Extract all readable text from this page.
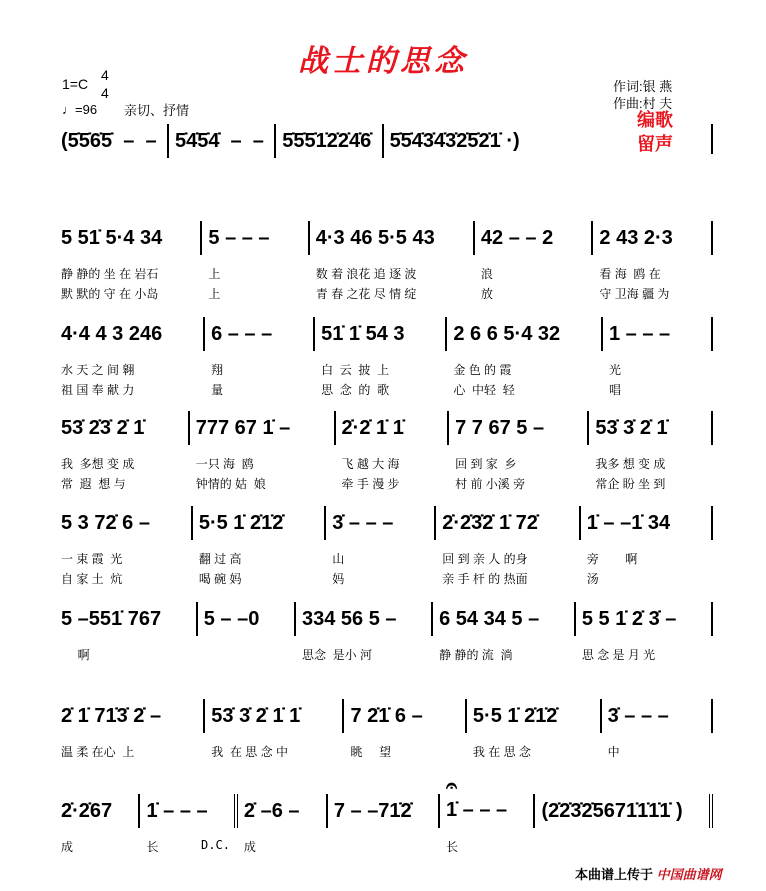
战士的思念
1=C
4
4
♩=96 亲切、抒情
作词:银 燕
作曲:村 夫
编歌
留声
(5̇5̇6̇5̇  –  – 5̇4̇5̇4̇  –  – 5̇5̇5̇1̇2̇2̇4̇6̇ 5̇5̇4̇3̇4̇3̇2̇5̇2̇1̇ ·)
5 51̇ 5·4 34
静 静的 坐 在 岩石
默 默的 守 在 小岛
5 – – –
上
上
4·3 46 5·5 43
数 着 浪花 追 逐 波
青 春 之花 尽 情 绽
42 – – 2
浪
放
2 43 2·3
看 海  鸥 在
守 卫海 疆 为
4·4 4 3 246
水 天 之 间 翱
祖 国 奉 献 力
6 – – –
翔
量
51̇ 1̇ 54 3
白  云  披  上
思  念  的  歌
2 6 6 5·4 32
金 色 的 霞
心  中轻  轻
1 – – –
光
唱
53̇ 2̇3̇ 2̇ 1̇
我  多想 变 成
常  遐  想 与
777 67 1̇ –
一只 海  鸥
钟情的 姑  娘
2̇·2̇ 1̇ 1̇
飞 越 大 海
牵 手 漫 步
7 7 67 5 –
回 到 家  乡
村 前 小溪 旁
53̇ 3̇ 2̇ 1̇
我多 想 变 成
常企 盼 坐 到
5 3 72̇ 6 –
一 束 霞  光
自 家 土  炕
5·5 1̇ 2̇1̇2̇
翻 过 高
喝 碗 妈
3̇ – – –
山
妈
2̇·2̇3̇2̇ 1̇ 72̇
回 到 亲 人 的身
亲 手 杆 的 热面
1̇ – –1̇ 34
旁        啊
汤
5 –551̇ 767
啊
5 – –0	334 56 5 –
思念  是小 河
6 54 34 5 –
静 静的 流  淌
5 5 1̇ 2̇ 3̇ –
思 念 是 月 光
2̇ 1̇ 71̇3̇ 2̇ –
温 柔 在心  上
53̇ 3̇ 2̇ 1̇ 1̇
我  在 思 念 中
7 2̇1̇ 6 –
眺     望
5·5 1̇ 2̇1̇2̇
我 在 思 念
3̇ – – –
中
2̇·2̇67
成
1̇ – – –
长	D.C.
2̇ –6 –
成
7 – –71̇2̇
𝄐
1̇ – – –
长
(2̇2̇3̇2̇5671̇1̇1̇1̇ )
本曲谱上传于 中国曲谱网
